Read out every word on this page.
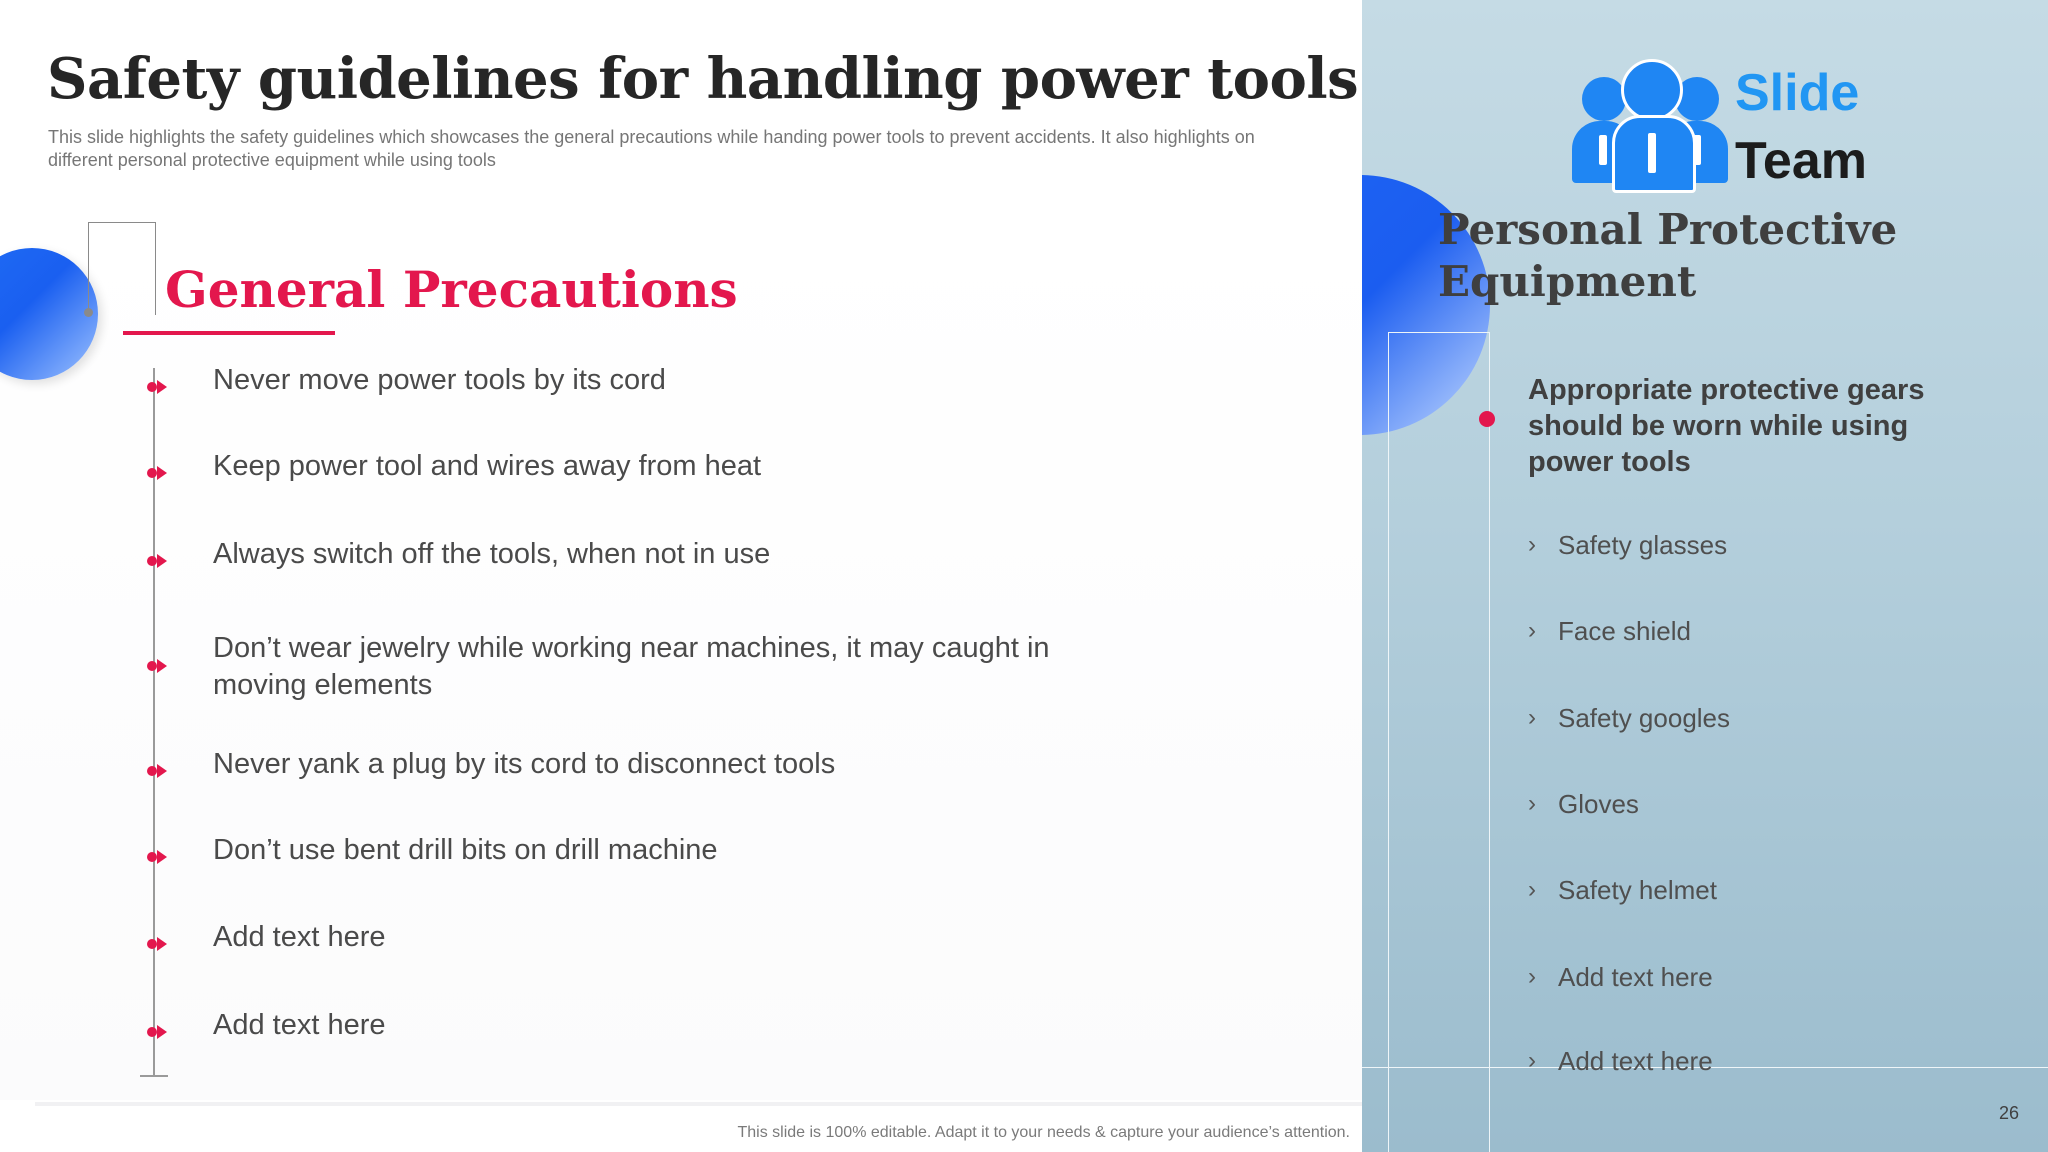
Safety guidelines for handling power tools

This slide highlights the safety guidelines which showcases the general precautions while handing power tools to prevent accidents. It also highlights on different personal protective equipment while using tools

General Precautions
Never move power tools by its cord
Keep power tool and wires away from heat
Always switch off the tools, when not in use
Don’t wear jewelry while working near machines, it may caught in moving elements
Never yank a plug by its cord to disconnect tools
Don’t use bent drill bits on drill machine
Add text here
Add text here
This slide is 100% editable. Adapt it to your needs & capture your audience’s attention.
Slide
Team
Personal Protective Equipment

Appropriate protective gears should be worn while using power tools

› Safety glasses
› Face shield
› Safety googles
› Gloves
› Safety helmet
› Add text here
› Add text here
26
